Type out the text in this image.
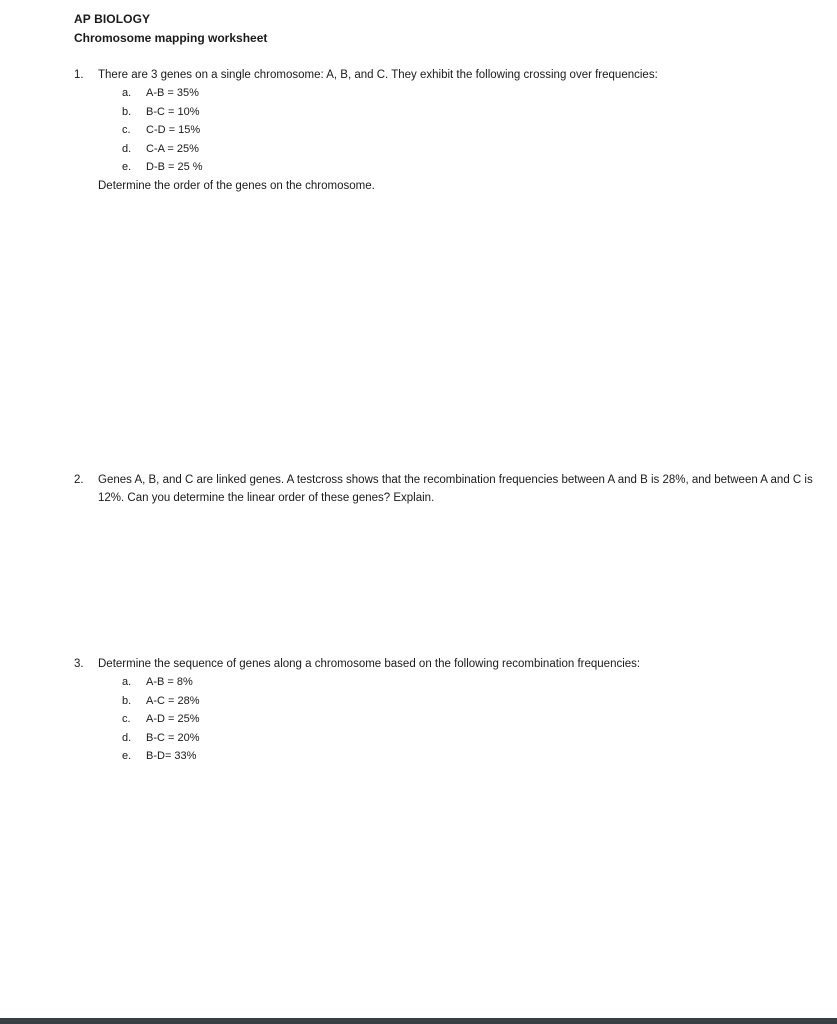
AP BIOLOGY
Chromosome mapping worksheet
1.	There are 3 genes on a single chromosome: A, B, and C. They exhibit the following crossing over frequencies:
a.	A-B = 35%
b.	B-C = 10%
c.	C-D = 15%
d.	C-A = 25%
e.	D-B = 25 %
Determine the order of the genes on the chromosome.
2.	Genes A, B, and C are linked genes. A testcross shows that the recombination frequencies between A and B is 28%, and between A and C is 12%. Can you determine the linear order of these genes? Explain.
3.	Determine the sequence of genes along a chromosome based on the following recombination frequencies:
a.	A-B = 8%
b.	A-C = 28%
c.	A-D = 25%
d.	B-C = 20%
e.	B-D= 33%
